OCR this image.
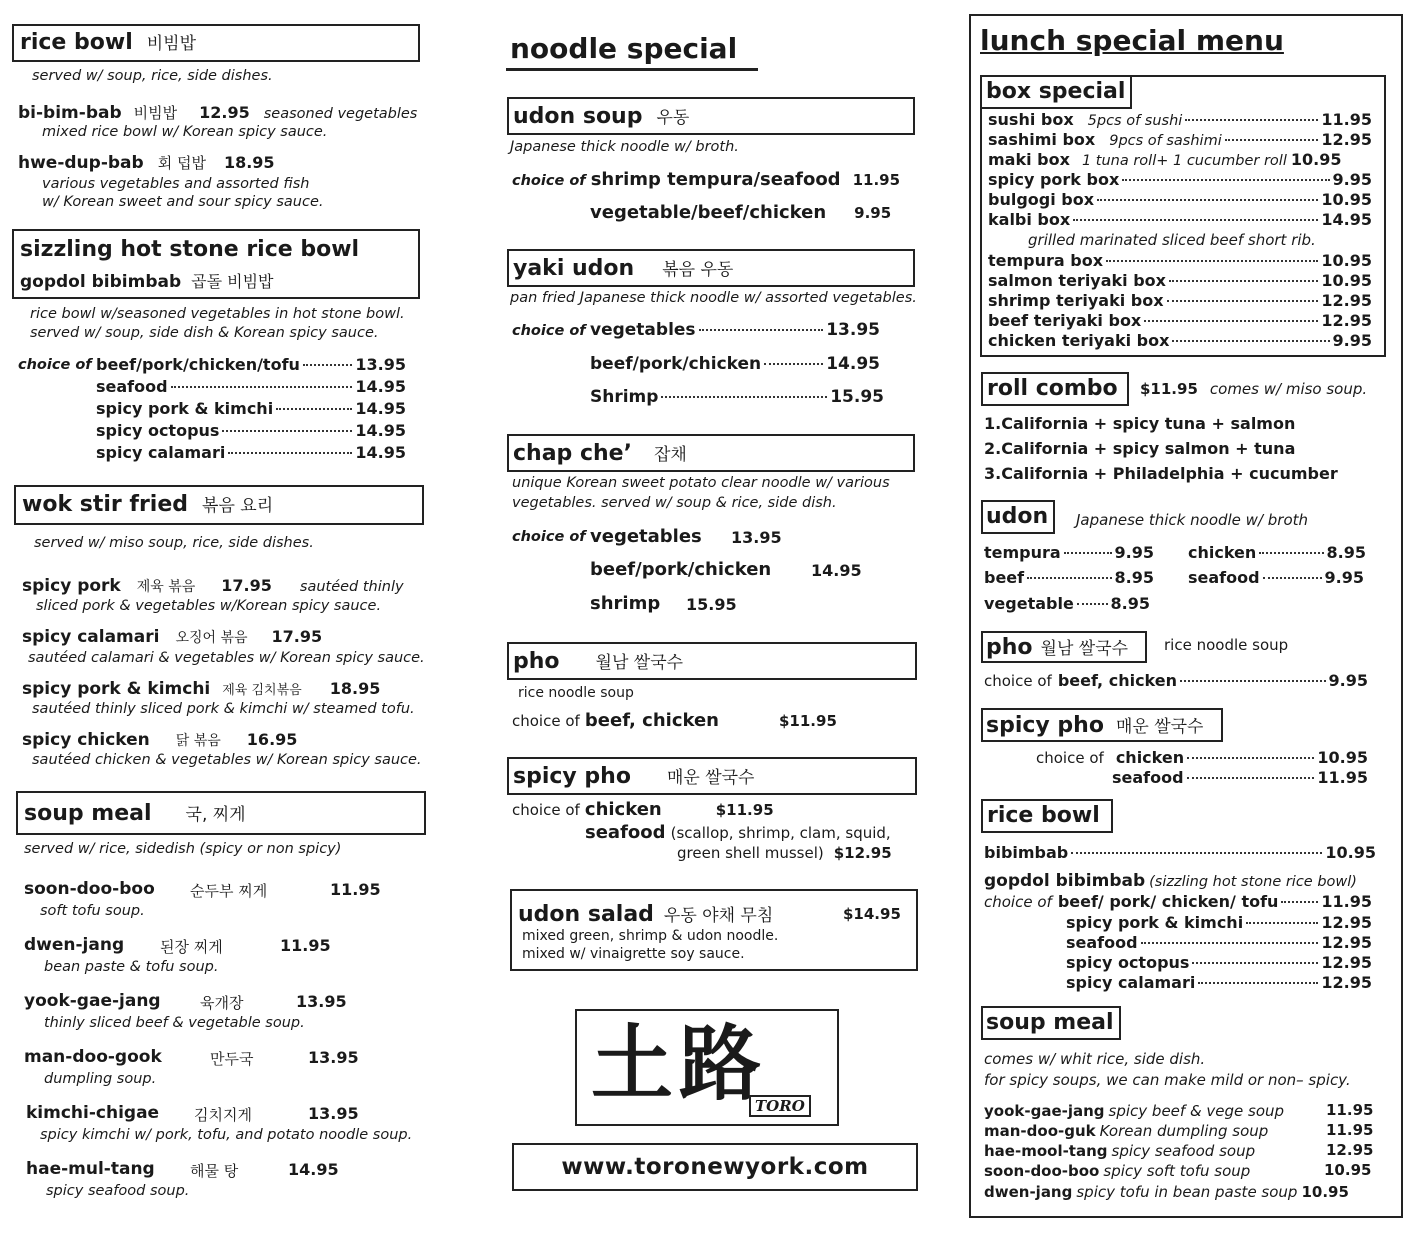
rice bowl 비빔밥
served w/ soup, rice, side dishes.
bi-bim-bab 비빔밥 12.95 seasoned vegetables
mixed rice bowl w/ Korean spicy sauce.
hwe-dup-bab 회 덥밥 18.95
various vegetables and assorted fish
w/ Korean sweet and sour spicy sauce.
sizzling hot stone rice bowl
gopdol bibimbab 곱돌 비빔밥
rice bowl w/seasoned vegetables in hot stone bowl.
served w/ soup, side dish & Korean spicy sauce.
choice of beef/pork/chicken/tofu	13.95
seafood	14.95
spicy pork & kimchi	14.95
spicy octopus	14.95
spicy calamari	14.95
wok stir fried 볶음 요리
served w/ miso soup, rice, side dishes.
spicy pork 제육 볶음 17.95 sautéed thinly
sliced pork & vegetables w/Korean spicy sauce.
spicy calamari 오징어 볶음 17.95
sautéed calamari & vegetables w/ Korean spicy sauce.
spicy pork & kimchi 제육 김치볶음 18.95
sautéed thinly sliced pork & kimchi w/ steamed tofu.
spicy chicken 닭 볶음 16.95
sautéed chicken & vegetables w/ Korean spicy sauce.
soup meal 국, 찌게
served w/ rice, sidedish (spicy or non spicy)
soon-doo-boo 순두부 찌게	11.95
soft tofu soup.
dwen-jang 된장 찌게	11.95
bean paste & tofu soup.
yook-gae-jang	육개장	13.95
thinly sliced beef & vegetable soup.
man-doo-gook	만두국	13.95
dumpling soup.
kimchi-chigae 김치지게	13.95
spicy kimchi w/ pork, tofu, and potato noodle soup.
hae-mul-tang 해물 탕	14.95
spicy seafood soup.
noodle special
udon soup 우동
Japanese thick noodle w/ broth.
choice of shrimp tempura/seafood 11.95
vegetable/beef/chicken 9.95
yaki udon 볶음 우동
pan fried Japanese thick noodle w/ assorted vegetables.
choice of vegetables	13.95
beef/pork/chicken	14.95
Shrimp	15.95
chap che’ 잡채
unique Korean sweet potato clear noodle w/ various
vegetables. served w/ soup & rice, side dish.
choice of vegetables 13.95
beef/pork/chicken 14.95
shrimp 15.95
pho 월남 쌀국수
rice noodle soup
choice of beef, chicken	$11.95
spicy pho 매운 쌀국수
choice of chicken	$11.95
seafood (scallop, shrimp, clam, squid,
green shell mussel) $12.95
udon salad 우동 야채 무침	$14.95
mixed green, shrimp & udon noodle.
mixed w/ vinaigrette soy sauce.
土路
TORO
www.toronewyork.com
lunch special menu
box special
sushi box 5pcs of sushi	11.95
sashimi box 9pcs of sashimi	12.95
maki box 1 tuna roll+ 1 cucumber roll 10.95
spicy pork box	9.95
bulgogi box	10.95
kalbi box	14.95
grilled marinated sliced beef short rib.
tempura box	10.95
salmon teriyaki box	10.95
shrimp teriyaki box	12.95
beef teriyaki box	12.95
chicken teriyaki box	9.95
roll combo $11.95 comes w/ miso soup.
1.California + spicy tuna + salmon
2.California + spicy salmon + tuna
3.California + Philadelphia + cucumber
udon Japanese thick noodle w/ broth
tempura	9.95 chicken	8.95
beef	8.95 seafood	9.95
vegetable 8.95
pho 월남 쌀국수 rice noodle soup
choice of beef, chicken	9.95
spicy pho 매운 쌀국수
choice of chicken	10.95
seafood	11.95
rice bowl
bibimbab	10.95
gopdol bibimbab (sizzling hot stone rice bowl)
choice of beef/ pork/ chicken/ tofu	11.95
spicy pork & kimchi	12.95
seafood	12.95
spicy octopus	12.95
spicy calamari	12.95
soup meal
comes w/ whit rice, side dish.
for spicy soups, we can make mild or non– spicy.
yook-gae-jang spicy beef & vege soup	11.95
man-doo-guk Korean dumpling soup	11.95
hae-mool-tang spicy seafood soup	12.95
soon-doo-boo spicy soft tofu soup	10.95
dwen-jang spicy tofu in bean paste soup 10.95
